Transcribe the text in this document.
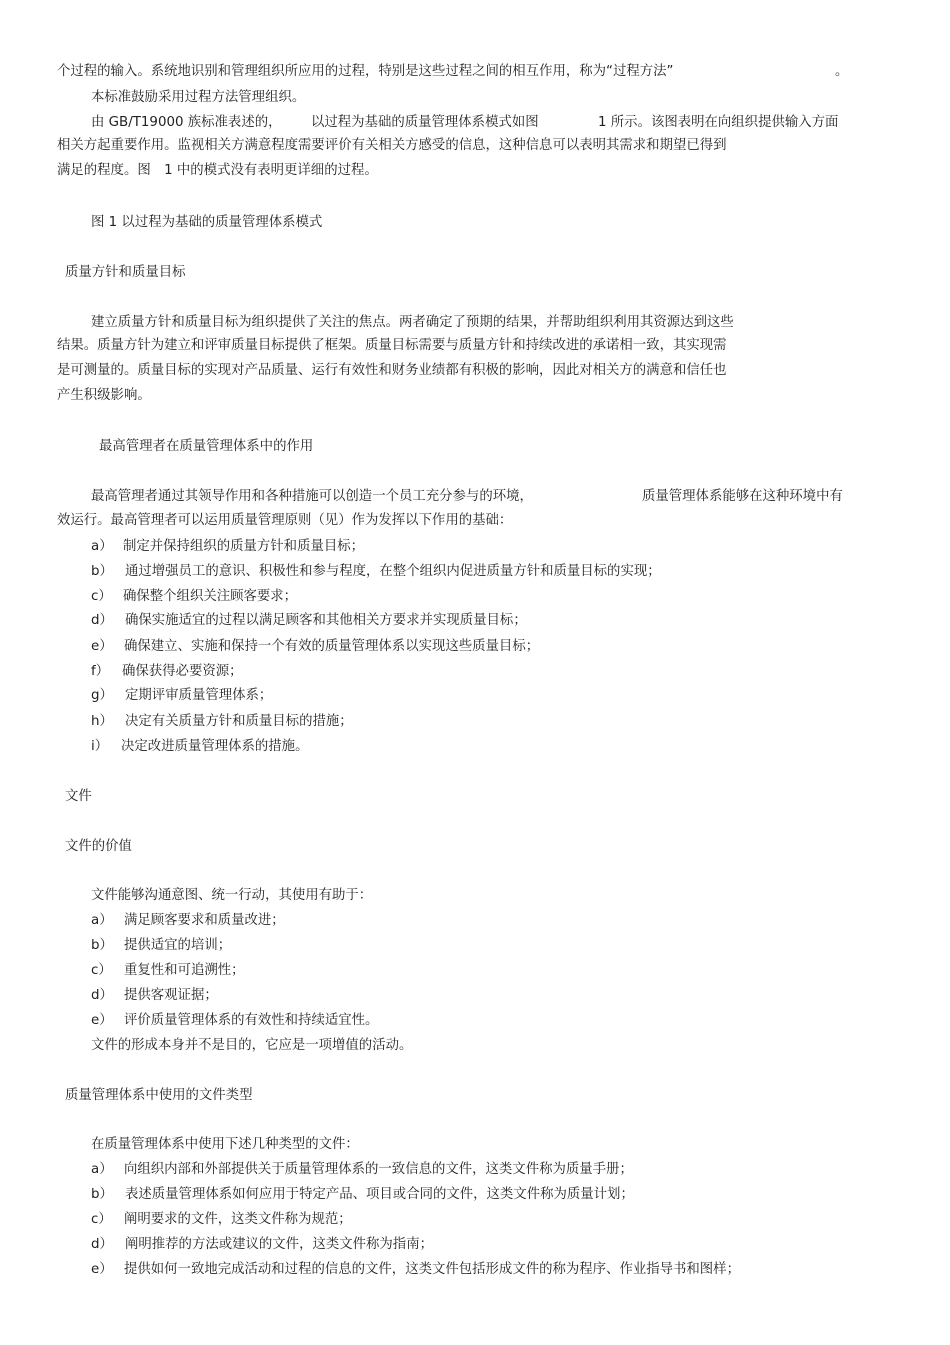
个过程的输入。系统地识别和管理组织所应用的过程，特别是这些过程之间的相互作用，称为“过程方法”	。
本标准鼓励采用过程方法管理组织。
由 GB/T19000 族标准表述的， 以过程为基础的质量管理体系模式如图	1 所示。该图表明在向组织提供输入方面
相关方起重要作用。监视相关方满意程度需要评价有关相关方感受的信息，这种信息可以表明其需求和期望已得到
满足的程度。图　1 中的模式没有表明更详细的过程。
图 1 以过程为基础的质量管理体系模式
质量方针和质量目标
建立质量方针和质量目标为组织提供了关注的焦点。两者确定了预期的结果，并帮助组织利用其资源达到这些
结果。质量方针为建立和评审质量目标提供了框架。质量目标需要与质量方针和持续改进的承诺相一致，其实现需
是可测量的。质量目标的实现对产品质量、运行有效性和财务业绩都有积极的影响，因此对相关方的满意和信任也
产生积级影响。
最高管理者在质量管理体系中的作用
最高管理者通过其领导作用和各种措施可以创造一个员工充分参与的环境，	质量管理体系能够在这种环境中有
效运行。最高管理者可以运用质量管理原则（见）作为发挥以下作用的基础：
a） 制定并保持组织的质量方针和质量目标；
b） 通过增强员工的意识、积极性和参与程度，在整个组织内促进质量方针和质量目标的实现；
c） 确保整个组织关注顾客要求；
d） 确保实施适宜的过程以满足顾客和其他相关方要求并实现质量目标；
e） 确保建立、实施和保持一个有效的质量管理体系以实现这些质量目标；
f） 确保获得必要资源；
g） 定期评审质量管理体系；
h） 决定有关质量方针和质量目标的措施；
i） 决定改进质量管理体系的措施。
文件
文件的价值
文件能够沟通意图、统一行动，其使用有助于：
a） 满足顾客要求和质量改进；
b） 提供适宜的培训；
c） 重复性和可追溯性；
d） 提供客观证据；
e） 评价质量管理体系的有效性和持续适宜性。
文件的形成本身并不是目的，它应是一项增值的活动。
质量管理体系中使用的文件类型
在质量管理体系中使用下述几种类型的文件：
a） 向组织内部和外部提供关于质量管理体系的一致信息的文件，这类文件称为质量手册；
b） 表述质量管理体系如何应用于特定产品、项目或合同的文件，这类文件称为质量计划；
c） 阐明要求的文件，这类文件称为规范；
d） 阐明推荐的方法或建议的文件，这类文件称为指南；
e） 提供如何一致地完成活动和过程的信息的文件，这类文件包括形成文件的称为程序、作业指导书和图样；
